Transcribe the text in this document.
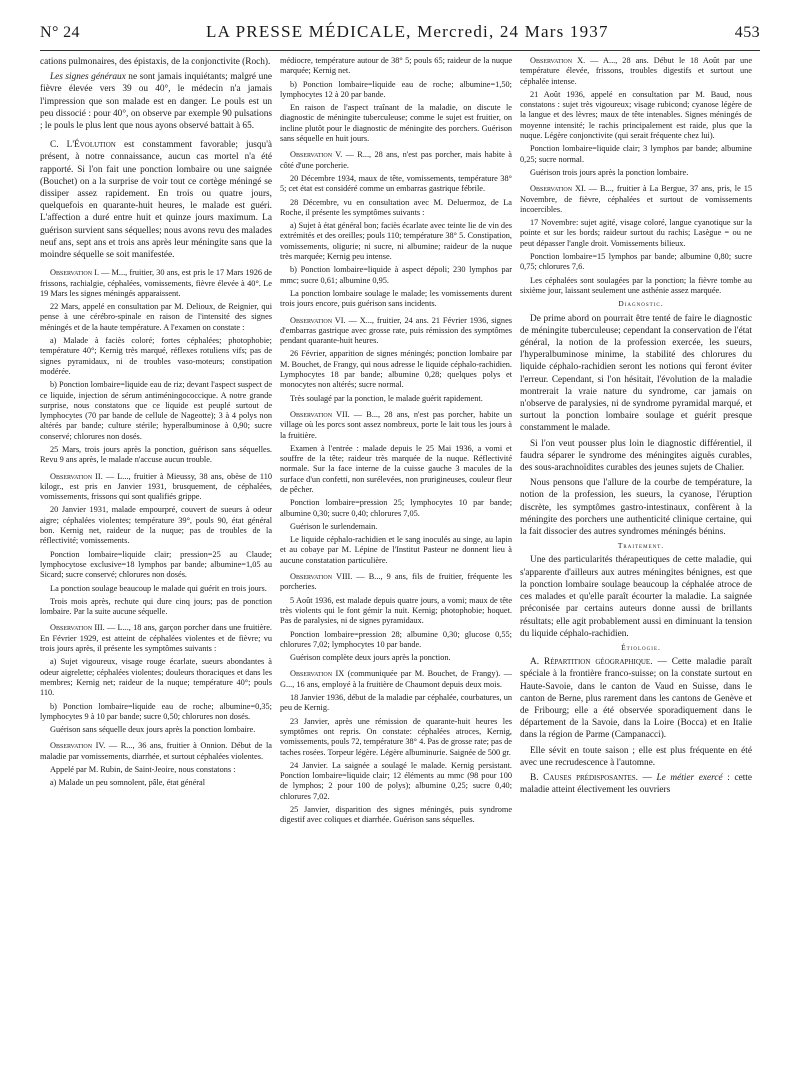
N° 24	LA PRESSE MÉDICALE, Mercredi, 24 Mars 1937	453

cations pulmonaires, des épistaxis, de la conjonctivite (Roch).

Les signes généraux ne sont jamais inquiétants; malgré une fièvre élevée vers 39 ou 40°, le médecin n'a jamais l'impression que son malade est en danger. Le pouls est un peu dissocié : pour 40°, on observe par exemple 90 pulsations ; le pouls le plus lent que nous ayons observé battait à 65.

C. L'Évolution est constamment favorable; jusqu'à présent, à notre connaissance, aucun cas mortel n'a été rapporté. Si l'on fait une ponction lombaire ou une saignée (Bouchet) on a la surprise de voir tout ce cortège méningé se dissiper assez rapidement. En trois ou quatre jours, quelquefois en quarante-huit heures, le malade est guéri. L'affection a duré entre huit et quinze jours maximum. La guérison survient sans séquelles; nous avons revu des malades neuf ans, sept ans et trois ans après leur méningite sans que la moindre séquelle se soit manifestée.

Observation I. — M..., fruitier, 30 ans, est pris le 17 Mars 1926 de frissons, rachialgie, céphalées, vomissements, fièvre élevée à 40°. Le 19 Mars les signes méningés apparaissent.

22 Mars, appelé en consultation par M. Delioux, de Reignier, qui pense à une cérébro-spinale en raison de l'intensité des signes méningés et de la haute température. A l'examen on constate :

a) Malade à faciès coloré; fortes céphalées; photophobie; température 40°; Kernig très marqué, réflexes rotuliens vifs; pas de signes pyramidaux, ni de troubles vaso-moteurs; constipation modérée.

b) Ponction lombaire=liquide eau de riz; devant l'aspect suspect de ce liquide, injection de sérum antiméningococcique. A notre grande surprise, nous constatons que ce liquide est peuplé surtout de lymphocytes (70 par bande de cellule de Nageotte); 3 à 4 polys non altérés par bande; culture stérile; hyperalbuminose à 0,90; sucre conservé; chlorures non dosés.

25 Mars, trois jours après la ponction, guérison sans séquelles. Revu 9 ans après, le malade n'accuse aucun trouble.

Observation II. — L..., fruitier à Mieussy, 38 ans, obèse de 110 kilogr., est pris en Janvier 1931, brusquement, de céphalées, vomissements, frissons qui sont qualifiés grippe.

20 Janvier 1931, malade empourpré, couvert de sueurs à odeur aigre; céphalées violentes; température 39°, pouls 90, état général bon. Kernig net, raideur de la nuque; pas de troubles de la réflectivité; vomissements.

Ponction lombaire=liquide clair; pression=25 au Claude; lymphocytose exclusive=18 lymphos par bande; albumine=1,05 au Sicard; sucre conservé; chlorures non dosés.

La ponction soulage beaucoup le malade qui guérit en trois jours.

Trois mois après, rechute qui dure cinq jours; pas de ponction lombaire. Par la suite aucune séquelle.

Observation III. — L..., 18 ans, garçon porcher dans une fruitière. En Février 1929, est atteint de céphalées violentes et de fièvre; vu trois jours après, il présente les symptômes suivants :

a) Sujet vigoureux, visage rouge écarlate, sueurs abondantes à odeur aigrelette; céphalées violentes; douleurs thoraciques et dans les membres; Kernig net; raideur de la nuque; température 40°; pouls 110.

b) Ponction lombaire=liquide eau de roche; albumine=0,35; lymphocytes 9 à 10 par bande; sucre 0,50; chlorures non dosés.

Guérison sans séquelle deux jours après la ponction lombaire.

Observation IV. — R..., 36 ans, fruitier à Onnion. Début de la maladie par vomissements, diarrhée, et surtout céphalées violentes.

Appelé par M. Rubin, de Saint-Jeoire, nous constatons :

a) Malade un peu somnolent, pâle, état général

médiocre, température autour de 38° 5; pouls 65; raideur de la nuque marquée; Kernig net.

b) Ponction lombaire=liquide eau de roche; albumine=1,50; lymphocytes 12 à 20 par bande.

En raison de l'aspect traînant de la maladie, on discute le diagnostic de méningite tuberculeuse; comme le sujet est fruitier, on incline plutôt pour le diagnostic de méningite des porchers. Guérison sans séquelle en huit jours.

Observation V. — R..., 28 ans, n'est pas porcher, mais habite à côté d'une porcherie.

20 Décembre 1934, maux de tête, vomissements, température 38° 5; cet état est considéré comme un embarras gastrique fébrile.

28 Décembre, vu en consultation avec M. Deluermoz, de La Roche, il présente les symptômes suivants :

a) Sujet à état général bon; faciès écarlate avec teinte lie de vin des extrémités et des oreilles; pouls 110; température 38° 5. Constipation, vomissements, oligurie; ni sucre, ni albumine; raideur de la nuque très marquée; Kernig peu intense.

b) Ponction lombaire=liquide à aspect dépoli; 230 lymphos par mmc; sucre 0,61; albumine 0,95.

La ponction lombaire soulage le malade; les vomissements durent trois jours encore, puis guérison sans incidents.

Observation VI. — X..., fruitier, 24 ans. 21 Février 1936, signes d'embarras gastrique avec grosse rate, puis rémission des symptômes pendant quarante-huit heures.

26 Février, apparition de signes méningés; ponction lombaire par M. Bouchet, de Frangy, qui nous adresse le liquide céphalo-rachidien. Lymphocytes 18 par bande; albumine 0,28; quelques polys et monocytes non altérés; sucre normal.

Très soulagé par la ponction, le malade guérit rapidement.

Observation VII. — B..., 28 ans, n'est pas porcher, habite un village où les porcs sont assez nombreux, porte le lait tous les jours à la fruitière.

Examen à l'entrée : malade depuis le 25 Mai 1936, a vomi et souffre de la tête; raideur très marquée de la nuque. Réflectivité normale. Sur la face interne de la cuisse gauche 3 macules de la surface d'un confetti, non surélevées, non prurigineuses, couleur fleur de pêcher.

Ponction lombaire=pression 25; lymphocytes 10 par bande; albumine 0,30; sucre 0,40; chlorures 7,05.

Guérison le surlendemain.

Le liquide céphalo-rachidien et le sang inoculés au singe, au lapin et au cobaye par M. Lépine de l'Institut Pasteur ne donnent lieu à aucune constatation particulière.

Observation VIII. — B..., 9 ans, fils de fruitier, fréquente les porcheries.

5 Août 1936, est malade depuis quatre jours, a vomi; maux de tête très violents qui le font gémir la nuit. Kernig; photophobie; hoquet. Pas de paralysies, ni de signes pyramidaux.

Ponction lombaire=pression 28; albumine 0,30; glucose 0,55; chlorures 7,02; lymphocytes 10 par bande.

Guérison complète deux jours après la ponction.

Observation IX (communiquée par M. Bouchet, de Frangy). — G..., 16 ans, employé à la fruitière de Chaumont depuis deux mois.

18 Janvier 1936, début de la maladie par céphalée, courbatures, un peu de Kernig.

23 Janvier, après une rémission de quarante-huit heures les symptômes ont repris. On constate: céphalées atroces, Kernig, vomissements, pouls 72, température 38° 4. Pas de grosse rate; pas de taches rosées. Torpeur légère. Légère albuminurie. Saignée de 500 gr.

24 Janvier. La saignée a soulagé le malade. Kernig persistant. Ponction lombaire=liquide clair; 12 éléments au mmc (98 pour 100 de lymphos; 2 pour 100 de polys); albumine 0,25; sucre 0,40; chlorures 7,02.

25 Janvier, disparition des signes méningés, puis syndrome digestif avec coliques et diarrhée. Guérison sans séquelles.

Observation X. — A..., 28 ans. Début le 18 Août par une température élevée, frissons, troubles digestifs et surtout une céphalée intense.

21 Août 1936, appelé en consultation par M. Baud, nous constatons : sujet très vigoureux; visage rubicond; cyanose légère de la langue et des lèvres; maux de tête intenables. Signes méningés de moyenne intensité; le rachis principalement est raide, plus que la nuque. Légère conjonctivite (qui serait fréquente chez lui).

Ponction lombaire=liquide clair; 3 lymphos par bande; albumine 0,25; sucre normal.

Guérison trois jours après la ponction lombaire.

Observation XI. — B..., fruitier à La Bergue, 37 ans, pris, le 15 Novembre, de fièvre, céphalées et surtout de vomissements incoercibles.

17 Novembre: sujet agité, visage coloré, langue cyanotique sur la pointe et sur les bords; raideur surtout du rachis; Lasègue = ou ne peut dépasser l'angle droit. Vomissements bilieux.

Ponction lombaire=15 lymphos par bande; albumine 0,80; sucre 0,75; chlorures 7,6.

Les céphalées sont soulagées par la ponction; la fièvre tombe au sixième jour, laissant seulement une asthénie assez marquée.

Diagnostic.

De prime abord on pourrait être tenté de faire le diagnostic de méningite tuberculeuse; cependant la conservation de l'état général, la notion de la profession exercée, les sueurs, l'hyperalbuminose minime, la stabilité des chlorures du liquide céphalo-rachidien seront les notions qui feront éviter l'erreur. Cependant, si l'on hésitait, l'évolution de la maladie montrerait la vraie nature du syndrome, car jamais on n'observe de paralysies, ni de syndrome pyramidal marqué, et surtout la ponction lombaire soulage et guérit presque constamment le malade.

Si l'on veut pousser plus loin le diagnostic différentiel, il faudra séparer le syndrome des méningites aiguës curables, des sous-arachnoïdites curables des jeunes sujets de Chalier.

Nous pensons que l'allure de la courbe de température, la notion de la profession, les sueurs, la cyanose, l'éruption discrète, les symptômes gastro-intestinaux, confèrent à la méningite des porchers une authenticité clinique certaine, qui la fait dissocier des autres syndromes méningés bénins.

Traitement.

Une des particularités thérapeutiques de cette maladie, qui s'apparente d'ailleurs aux autres méningites bénignes, est que la ponction lombaire soulage beaucoup la céphalée atroce de ces malades et qu'elle paraît écourter la maladie. La saignée préconisée par certains auteurs donne aussi de brillants résultats; elle agit probablement aussi en diminuant la tension du liquide céphalo-rachidien.

Étiologie.

A. Répartition géographique. — Cette maladie paraît spéciale à la frontière franco-suisse; on la constate surtout en Haute-Savoie, dans le canton de Vaud en Suisse, dans le canton de Berne, plus rarement dans les cantons de Genève et de Fribourg; elle a été observée sporadiquement dans le département de la Savoie, dans la Loire (Bocca) et en Italie dans la région de Parme (Campanacci).

Elle sévit en toute saison ; elle est plus fréquente en été avec une recrudescence à l'automne.

B. Causes prédisposantes. — Le métier exercé : cette maladie atteint électivement les ouvriers
